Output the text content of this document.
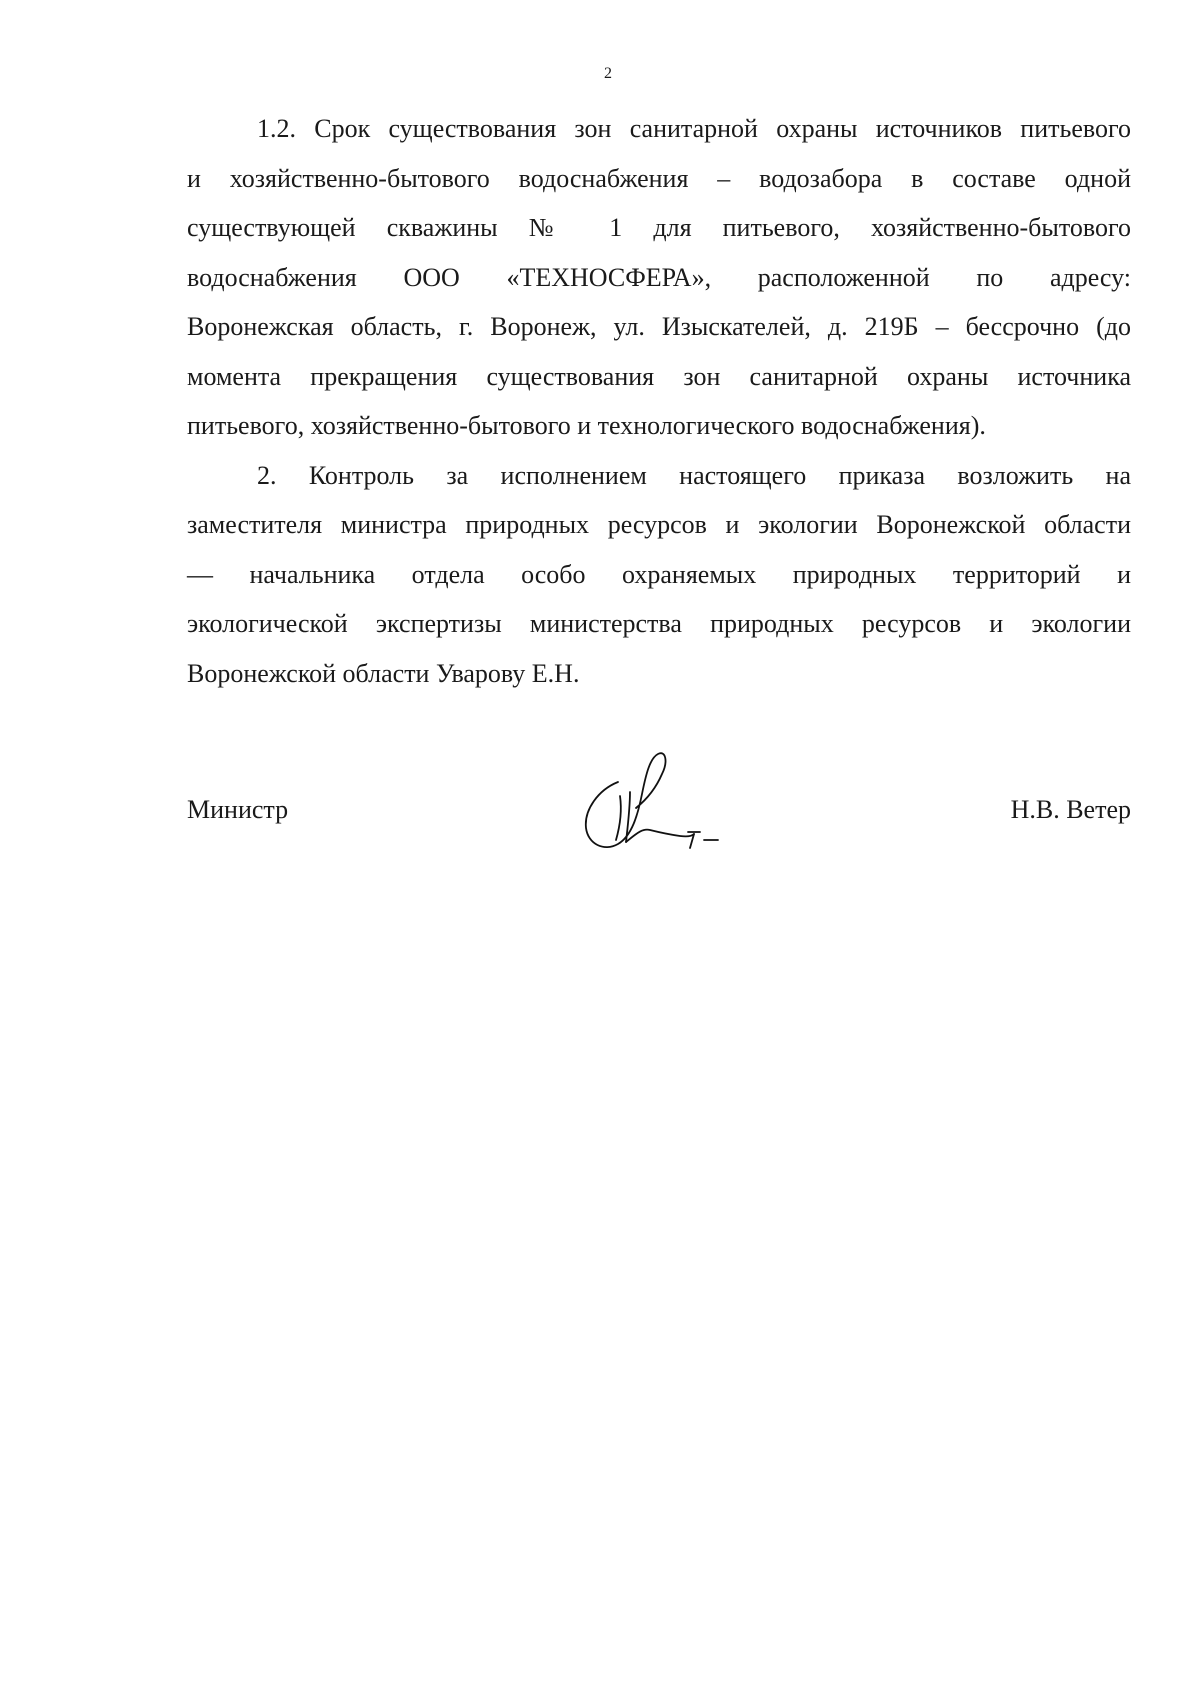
2
1.2. Срок существования зон санитарной охраны источников питьевого
и хозяйственно-бытового водоснабжения – водозабора в составе одной
существующей скважины № 1 для питьевого, хозяйственно-бытового
водоснабжения ООО «ТЕХНОСФЕРА», расположенной по адресу:
Воронежская область, г. Воронеж, ул. Изыскателей, д. 219Б – бессрочно (до
момента прекращения существования зон санитарной охраны источника
питьевого, хозяйственно-бытового и технологического водоснабжения).
2. Контроль за исполнением настоящего приказа возложить на
заместителя министра природных ресурсов и экологии Воронежской области
— начальника отдела особо охраняемых природных территорий и
экологической экспертизы министерства природных ресурсов и экологии
Воронежской области Уварову Е.Н.
Министр	Н.В. Ветер
